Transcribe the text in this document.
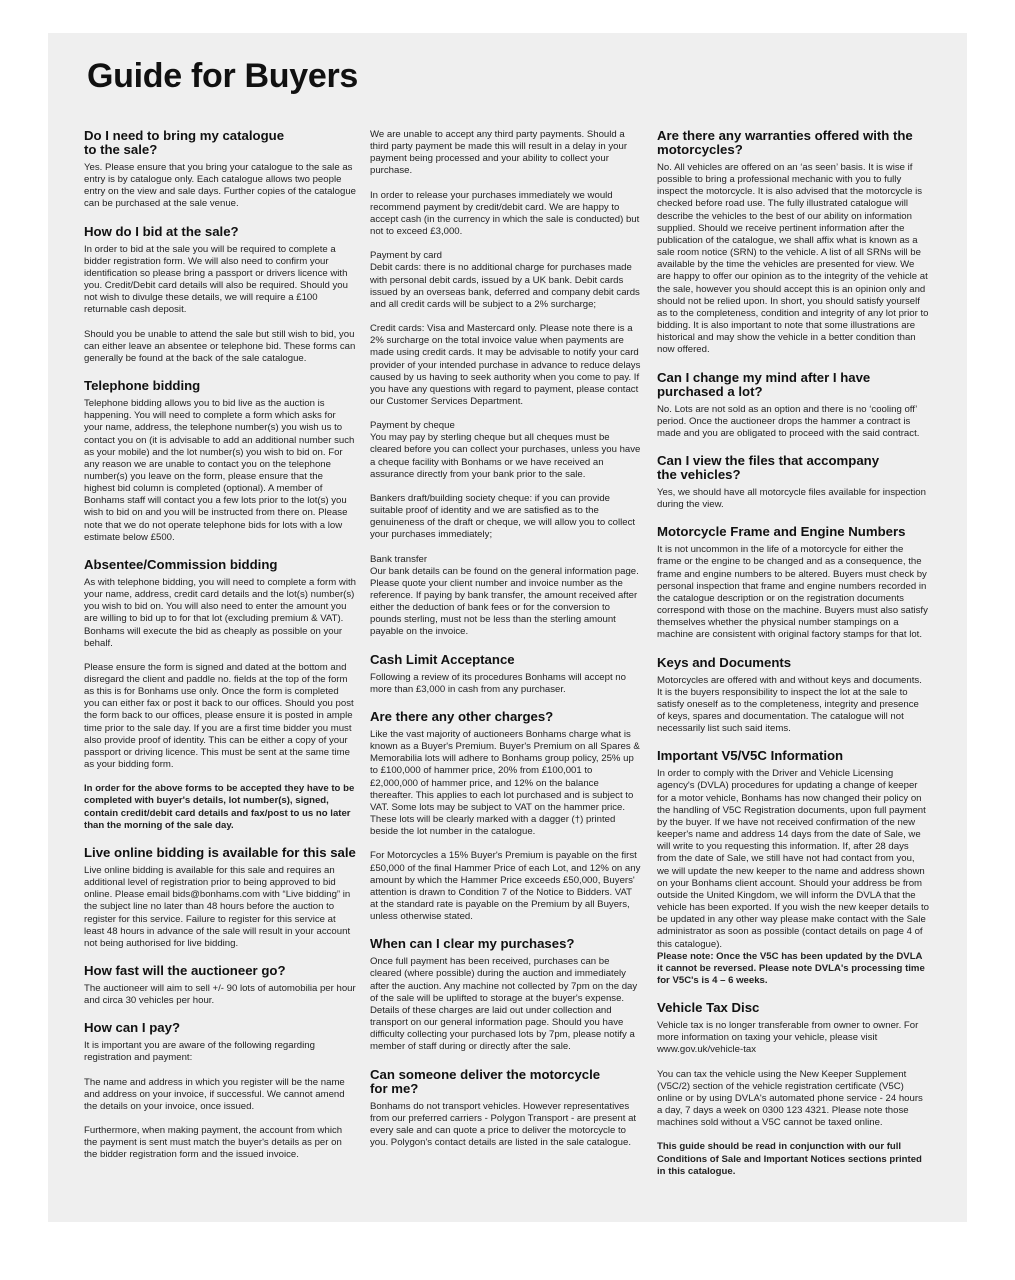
Guide for Buyers
Do I need to bring my catalogue
to the sale?

Yes. Please ensure that you bring your catalogue to the sale as entry is by catalogue only. Each catalogue allows two people entry on the view and sale days. Further copies of the catalogue can be purchased at the sale venue.

How do I bid at the sale?

In order to bid at the sale you will be required to complete a bidder registration form. We will also need to confirm your identification so please bring a passport or drivers licence with you. Credit/Debit card details will also be required. Should you not wish to divulge these details, we will require a £100 returnable cash deposit.

Should you be unable to attend the sale but still wish to bid, you can either leave an absentee or telephone bid. These forms can generally be found at the back of the sale catalogue.

Telephone bidding

Telephone bidding allows you to bid live as the auction is happening. You will need to complete a form which asks for your name, address, the telephone number(s) you wish us to contact you on (it is advisable to add an additional number such as your mobile) and the lot number(s) you wish to bid on. For any reason we are unable to contact you on the telephone number(s) you leave on the form, please ensure that the highest bid column is completed (optional). A member of Bonhams staff will contact you a few lots prior to the lot(s) you wish to bid on and you will be instructed from there on. Please note that we do not operate telephone bids for lots with a low estimate below £500.

Absentee/Commission bidding

As with telephone bidding, you will need to complete a form with your name, address, credit card details and the lot(s) number(s) you wish to bid on. You will also need to enter the amount you are willing to bid up to for that lot (excluding premium & VAT). Bonhams will execute the bid as cheaply as possible on your behalf.

Please ensure the form is signed and dated at the bottom and disregard the client and paddle no. fields at the top of the form as this is for Bonhams use only. Once the form is completed you can either fax or post it back to our offices. Should you post the form back to our offices, please ensure it is posted in ample time prior to the sale day. If you are a first time bidder you must also provide proof of identity. This can be either a copy of your passport or driving licence. This must be sent at the same time as your bidding form.

In order for the above forms to be accepted they have to be completed with buyer's details, lot number(s), signed, contain credit/debit card details and fax/post to us no later than the morning of the sale day.

Live online bidding is available for this sale

Live online bidding is available for this sale and requires an additional level of registration prior to being approved to bid online. Please email bids@bonhams.com with “Live bidding” in the subject line no later than 48 hours before the auction to register for this service. Failure to register for this service at least 48 hours in advance of the sale will result in your account not being authorised for live bidding.

How fast will the auctioneer go?

The auctioneer will aim to sell +/- 90 lots of automobilia per hour and circa 30 vehicles per hour.

How can I pay?

It is important you are aware of the following regarding registration and payment:

The name and address in which you register will be the name and address on your invoice, if successful. We cannot amend the details on your invoice, once issued.

Furthermore, when making payment, the account from which the payment is sent must match the buyer's details as per on the bidder registration form and the issued invoice.

We are unable to accept any third party payments. Should a third party payment be made this will result in a delay in your payment being processed and your ability to collect your purchase.

In order to release your purchases immediately we would recommend payment by credit/debit card. We are happy to accept cash (in the currency in which the sale is conducted) but not to exceed £3,000.

Payment by card
Debit cards: there is no additional charge for purchases made with personal debit cards, issued by a UK bank. Debit cards issued by an overseas bank, deferred and company debit cards and all credit cards will be subject to a 2% surcharge;

Credit cards: Visa and Mastercard only. Please note there is a 2% surcharge on the total invoice value when payments are made using credit cards. It may be advisable to notify your card provider of your intended purchase in advance to reduce delays caused by us having to seek authority when you come to pay. If you have any questions with regard to payment, please contact our Customer Services Department.

Payment by cheque
You may pay by sterling cheque but all cheques must be cleared before you can collect your purchases, unless you have a cheque facility with Bonhams or we have received an assurance directly from your bank prior to the sale.

Bankers draft/building society cheque: if you can provide suitable proof of identity and we are satisfied as to the genuineness of the draft or cheque, we will allow you to collect your purchases immediately;

Bank transfer
Our bank details can be found on the general information page. Please quote your client number and invoice number as the reference. If paying by bank transfer, the amount received after either the deduction of bank fees or for the conversion to pounds sterling, must not be less than the sterling amount payable on the invoice.

Cash Limit Acceptance

Following a review of its procedures Bonhams will accept no more than £3,000 in cash from any purchaser.

Are there any other charges?

Like the vast majority of auctioneers Bonhams charge what is known as a Buyer's Premium. Buyer's Premium on all Spares & Memorabilia lots will adhere to Bonhams group policy, 25% up to £100,000 of hammer price, 20% from £100,001 to £2,000,000 of hammer price, and 12% on the balance thereafter. This applies to each lot purchased and is subject to VAT. Some lots may be subject to VAT on the hammer price. These lots will be clearly marked with a dagger (†) printed beside the lot number in the catalogue.

For Motorcycles a 15% Buyer's Premium is payable on the first £50,000 of the final Hammer Price of each Lot, and 12% on any amount by which the Hammer Price exceeds £50,000, Buyers' attention is drawn to Condition 7 of the Notice to Bidders. VAT at the standard rate is payable on the Premium by all Buyers, unless otherwise stated.

When can I clear my purchases?

Once full payment has been received, purchases can be cleared (where possible) during the auction and immediately after the auction. Any machine not collected by 7pm on the day of the sale will be uplifted to storage at the buyer's expense. Details of these charges are laid out under collection and transport on our general information page. Should you have difficulty collecting your purchased lots by 7pm, please notify a member of staff during or directly after the sale.

Can someone deliver the motorcycle
for me?

Bonhams do not transport vehicles. However representatives from our preferred carriers - Polygon Transport - are present at every sale and can quote a price to deliver the motorcycle to you. Polygon's contact details are listed in the sale catalogue.

Are there any warranties offered with the
motorcycles?

No. All vehicles are offered on an ‘as seen’ basis. It is wise if possible to bring a professional mechanic with you to fully inspect the motorcycle. It is also advised that the motorcycle is checked before road use. The fully illustrated catalogue will describe the vehicles to the best of our ability on information supplied. Should we receive pertinent information after the publication of the catalogue, we shall affix what is known as a sale room notice (SRN) to the vehicle. A list of all SRNs will be available by the time the vehicles are presented for view. We are happy to offer our opinion as to the integrity of the vehicle at the sale, however you should accept this is an opinion only and should not be relied upon. In short, you should satisfy yourself as to the completeness, condition and integrity of any lot prior to bidding. It is also important to note that some illustrations are historical and may show the vehicle in a better condition than now offered.

Can I change my mind after I have
purchased a lot?

No. Lots are not sold as an option and there is no ‘cooling off’ period. Once the auctioneer drops the hammer a contract is made and you are obligated to proceed with the said contract.

Can I view the files that accompany
the vehicles?

Yes, we should have all motorcycle files available for inspection during the view.

Motorcycle Frame and Engine Numbers

It is not uncommon in the life of a motorcycle for either the frame or the engine to be changed and as a consequence, the frame and engine numbers to be altered. Buyers must check by personal inspection that frame and engine numbers recorded in the catalogue description or on the registration documents correspond with those on the machine. Buyers must also satisfy themselves whether the physical number stampings on a machine are consistent with original factory stamps for that lot.

Keys and Documents

Motorcycles are offered with and without keys and documents. It is the buyers responsibility to inspect the lot at the sale to satisfy oneself as to the completeness, integrity and presence of keys, spares and documentation. The catalogue will not necessarily list such said items.

Important V5/V5C Information

In order to comply with the Driver and Vehicle Licensing agency's (DVLA) procedures for updating a change of keeper for a motor vehicle, Bonhams has now changed their policy on the handling of V5C Registration documents, upon full payment by the buyer. If we have not received confirmation of the new keeper's name and address 14 days from the date of Sale, we will write to you requesting this information. If, after 28 days from the date of Sale, we still have not had contact from you, we will update the new keeper to the name and address shown on your Bonhams client account. Should your address be from outside the United Kingdom, we will inform the DVLA that the vehicle has been exported. If you wish the new keeper details to be updated in any other way please make contact with the Sale administrator as soon as possible (contact details on page 4 of this catalogue).
Please note: Once the V5C has been updated by the DVLA it cannot be reversed. Please note DVLA's processing time for V5C's is 4 – 6 weeks.

Vehicle Tax Disc

Vehicle tax is no longer transferable from owner to owner. For more information on taxing your vehicle, please visit www.gov.uk/vehicle-tax

You can tax the vehicle using the New Keeper Supplement (V5C/2) section of the vehicle registration certificate (V5C) online or by using DVLA's automated phone service - 24 hours a day, 7 days a week on 0300 123 4321. Please note those machines sold without a V5C cannot be taxed online.

This guide should be read in conjunction with our full Conditions of Sale and Important Notices sections printed in this catalogue.
